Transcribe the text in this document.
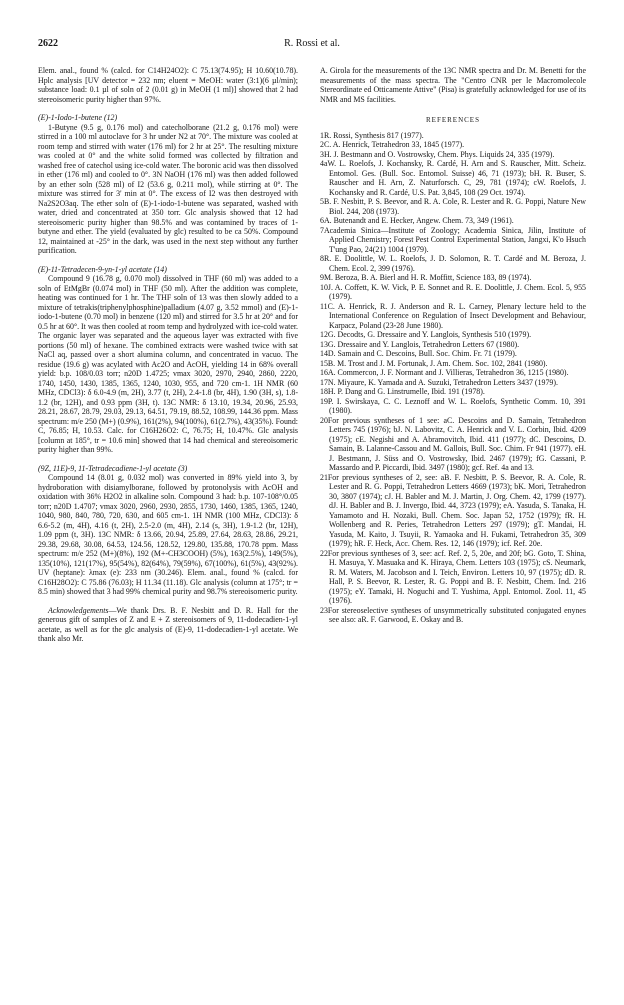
2622	R. Rossi et al.

Elem. anal., found % (calcd. for C14H24O2): C 75.13(74.95); H 10.60(10.78). Hplc analysis [UV detector = 232 nm; eluent = MeOH: water (3:1)(6 µl/min); substance load: 0.1 µl of soln of 2 (0.01 g) in MeOH (1 ml)] showed that 2 had stereoisomeric purity higher than 97%.

(E)-1-Iodo-1-butene (12)

1-Butyne (9.5 g, 0.176 mol) and catecholborane (21.2 g, 0.176 mol) were stirred in a 100 ml autoclave for 3 hr under N2 at 70°. The mixture was cooled at room temp and stirred with water (176 ml) for 2 hr at 25°. The resulting mixture was cooled at 0° and the white solid formed was collected by filtration and washed free of catechol using ice-cold water. The boronic acid was then dissolved in ether (176 ml) and cooled to 0°. 3N NaOH (176 ml) was then added followed by an ether soln (528 ml) of I2 (53.6 g, 0.211 mol), while stirring at 0°. The mixture was stirred for 3' min at 0°. The excess of I2 was then destroyed with Na2S2O3aq. The ether soln of (E)-1-iodo-1-butene was separated, washed with water, dried and concentrated at 350 torr. Glc analysis showed that 12 had stereoisomeric purity higher than 98.5% and was contamined by traces of 1-butyne and ether. The yield (evaluated by glc) resulted to be ca 50%. Compound 12, maintained at -25° in the dark, was used in the next step without any further purification.

(E)-11-Tetradecen-9-yn-1-yl acetate (14)

Compound 9 (16.78 g, 0.070 mol) dissolved in THF (60 ml) was added to a soln of EtMgBr (0.074 mol) in THF (50 ml). After the addition was complete, heating was continued for 1 hr. The THF soln of 13 was then slowly added to a mixture of tetrakis(triphenylphosphine)palladium (4.07 g, 3.52 mmol) and (E)-1-iodo-1-butene (0.70 mol) in benzene (120 ml) and stirred for 3.5 hr at 20° and for 0.5 hr at 60°. It was then cooled at room temp and hydrolyzed with ice-cold water. The organic layer was separated and the aqueous layer was extracted with five portions (50 ml) of hexane. The combined extracts were washed twice with sat NaCl aq, passed over a short alumina column, and concentrated in vacuo. The residue (19.6 g) was acylated with Ac2O and AcOH, yielding 14 in 68% overall yield: b.p. 108/0.03 torr; n20D 1.4725; vmax 3020, 2970, 2940, 2860, 2220, 1740, 1450, 1430, 1385, 1365, 1240, 1030, 955, and 720 cm-1. 1H NMR (60 MHz, CDCl3): δ 6.0-4.9 (m, 2H), 3.77 (t, 2H), 2.4-1.8 (br, 4H), 1.90 (3H, s), 1.8-1.2 (br, 12H), and 0.93 ppm (3H, t). 13C NMR: δ 13.10, 19.34, 20.96, 25.93, 28.21, 28.67, 28.79, 29.03, 29.13, 64.51, 79.19, 88.52, 108.99, 144.36 ppm. Mass spectrum: m/e 250 (M+) (0.9%), 161(2%), 94(100%), 61(2.7%), 43(35%). Found: C, 76.85; H, 10.53. Calc. for C16H26O2: C, 76.75; H, 10.47%. Glc analysis [column at 185°, tr = 10.6 min] showed that 14 had chemical and stereoisomeric purity higher than 99%.

(9Z, 11E)-9, 11-Tetradecadiene-1-yl acetate (3)

Compound 14 (8.01 g, 0.032 mol) was converted in 89% yield into 3, by hydroboration with disiamylborane, followed by protonolysis with AcOH and oxidation with 36% H2O2 in alkaline soln. Compound 3 had: b.p. 107-108°/0.05 torr; n20D 1.4707; vmax 3020, 2960, 2930, 2855, 1730, 1460, 1385, 1365, 1240, 1040, 980, 840, 780, 720, 630, and 605 cm-1. 1H NMR (100 MHz, CDCl3): δ 6.6-5.2 (m, 4H), 4.16 (t, 2H), 2.5-2.0 (m, 4H), 2.14 (s, 3H), 1.9-1.2 (br, 12H), 1.09 ppm (t, 3H). 13C NMR: δ 13.66, 20.94, 25.89, 27.64, 28.63, 28.86, 29.21, 29.38, 29.68, 30.08, 64.53, 124.56, 128.52, 129.80, 135.88, 170.78 ppm. Mass spectrum: m/e 252 (M+)(8%), 192 (M+-CH3COOH) (5%), 163(2.5%), 149(5%), 135(10%), 121(17%), 95(54%), 82(64%), 79(59%), 67(100%), 61(5%), 43(92%). UV (heptane): λmax (e): 233 nm (30.246). Elem. anal., found % (calcd. for C16H28O2): C 75.86 (76.03); H 11.34 (11.18). Glc analysis (column at 175°; tr = 8.5 min) showed that 3 had 99% chemical purity and 98.7% stereoisomeric purity.

Acknowledgements—We thank Drs. B. F. Nesbitt and D. R. Hall for the generous gift of samples of Z and E + Z stereoisomers of 9, 11-dodecadien-1-yl acetate, as well as for the glc analysis of (E)-9, 11-dodecadien-1-yl acetate. We thank also Mr.

A. Girola for the measurements of the 13C NMR spectra and Dr. M. Benetti for the measurements of the mass spectra. The "Centro CNR per le Macromolecole Stereordinate ed Otticamente Attive" (Pisa) is gratefully acknowledged for use of its NMR and MS facilities.

REFERENCES

1R. Rossi, Synthesis 817 (1977).

2C. A. Henrick, Tetrahedron 33, 1845 (1977).

3H. J. Bestmann and O. Vostrowsky, Chem. Phys. Liquids 24, 335 (1979).

4aW. L. Roelofs, J. Kochansky, R. Cardé, H. Arn and S. Rauscher, Mitt. Scheiz. Entomol. Ges. (Bull. Soc. Entomol. Suisse) 46, 71 (1973); bH. R. Buser, S. Rauscher and H. Arn, Z. Naturforsch. C, 29, 781 (1974); cW. Roelofs, J. Kochansky and R. Cardé, U.S. Pat. 3,845, 108 (29 Oct. 1974).

5B. F. Nesbitt, P. S. Beevor, and R. A. Cole, R. Lester and R. G. Poppi, Nature New Biol. 244, 208 (1973).

6A. Butenandt and E. Hecker, Angew. Chem. 73, 349 (1961).

7Academia Sinica—Institute of Zoology; Academia Sinica, Jilin, Institute of Applied Chemistry; Forest Pest Control Experimental Station, Jangxi, K'o Hsuch T'ung Pao, 24(21) 1004 (1979).

8R. E. Doolittle, W. L. Roelofs, J. D. Solomon, R. T. Cardé and M. Beroza, J. Chem. Ecol. 2, 399 (1976).

9M. Beroza, B. A. Bierl and H. R. Moffitt, Science 183, 89 (1974).

10J. A. Coffett, K. W. Vick, P. E. Sonnet and R. E. Doolittle, J. Chem. Ecol. 5, 955 (1979).

11C. A. Henrick, R. J. Anderson and R. L. Carney, Plenary lecture held to the International Conference on Regulation of Insect Development and Behaviour, Karpacz, Poland (23-28 June 1980).

12G. Decodts, G. Dressaire and Y. Langlois, Synthesis 510 (1979).

13G. Dressaire and Y. Langlois, Tetrahedron Letters 67 (1980).

14D. Samain and C. Descoins, Bull. Soc. Chim. Fr. 71 (1979).

15B. M. Trost and J. M. Fortunak, J. Am. Chem. Soc. 102, 2841 (1980).

16A. Commercon, J. F. Normant and J. Villieras, Tetrahedron 36, 1215 (1980).

17N. Miyaure, K. Yamada and A. Suzuki, Tetrahedron Letters 3437 (1979).

18H. P. Dang and G. Linstrumelle, Ibid. 191 (1978).

19P. I. Swirskaya, C. C. Leznoff and W. L. Roelofs, Synthetic Comm. 10, 391 (1980).

20For previous syntheses of 1 see: aC. Descoins and D. Samain, Tetrahedron Letters 745 (1976); bJ. N. Labovitz, C. A. Henrick and V. L. Corbin, Ibid. 4209 (1975); cE. Negishi and A. Abramovitch, Ibid. 411 (1977); dC. Descoins, D. Samain, B. Lalanne-Cassou and M. Gallois, Bull. Soc. Chim. Fr 941 (1977). eH. J. Bestmann, J. Süss and O. Vostrowsky, Ibid. 2467 (1979); fG. Cassani, P. Massardo and P. Piccardi, Ibid. 3497 (1980); gcf. Ref. 4a and 13.

21For previous syntheses of 2, see: aB. F. Nesbitt, P. S. Beevor, R. A. Cole, R. Lester and R. G. Poppi, Tetrahedron Letters 4669 (1973); bK. Mori, Tetrahedron 30, 3807 (1974); cJ. H. Babler and M. J. Martin, J. Org. Chem. 42, 1799 (1977). dJ. H. Babler and B. J. Invergo, Ibid. 44, 3723 (1979); eA. Yasuda, S. Tanaka, H. Yamamoto and H. Nozaki, Bull. Chem. Soc. Japan 52, 1752 (1979); fR. H. Wollenberg and R. Peries, Tetrahedron Letters 297 (1979); gT. Mandai, H. Yasuda, M. Kaito, J. Tsuyii, R. Yamaoka and H. Fukami, Tetrahedron 35, 309 (1979); hR. F. Heck, Acc. Chem. Res. 12, 146 (1979); icf. Ref. 20e.

22For previous syntheses of 3, see: acf. Ref. 2, 5, 20e, and 20f; bG. Goto, T. Shina, H. Masuya, Y. Masuaka and K. Hiraya, Chem. Letters 103 (1975); cS. Neumark, R. M. Waters, M. Jacobson and I. Teich, Environ. Letters 10, 97 (1975); dD. R. Hall, P. S. Beevor, R. Lester, R. G. Poppi and B. F. Nesbitt, Chem. Ind. 216 (1975); eY. Tamaki, H. Noguchi and T. Yushima, Appl. Entomol. Zool. 11, 45 (1976).

23For stereoselective syntheses of unsymmetrically substituted conjugated enynes see also: aR. F. Garwood, E. Oskay and B.
